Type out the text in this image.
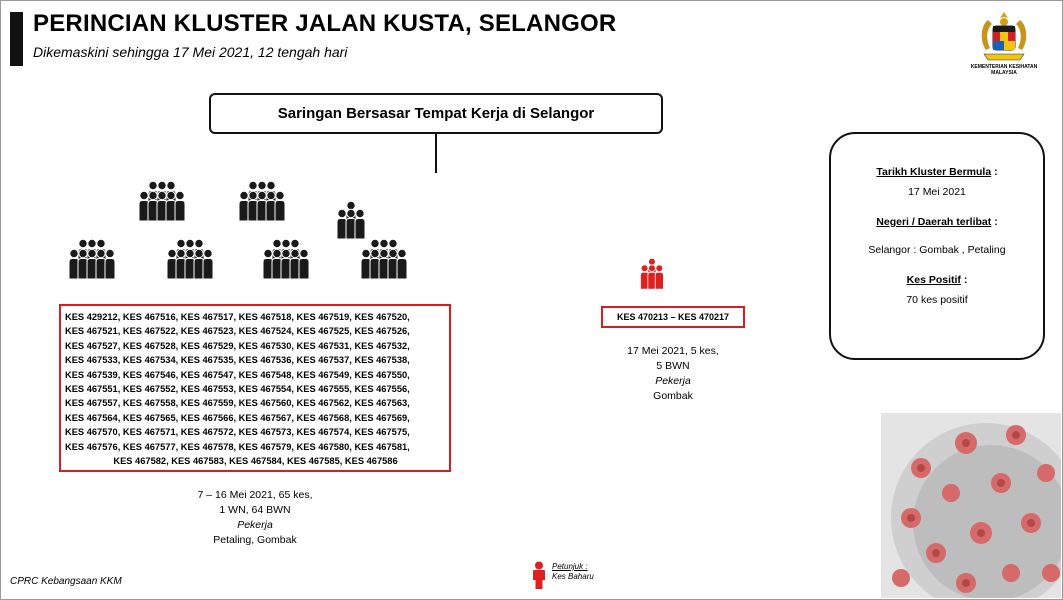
PERINCIAN KLUSTER JALAN KUSTA, SELANGOR
Dikemaskini sehingga 17 Mei 2021, 12 tengah hari
KEMENTERIAN KESIHATAN
MALAYSIA
Saringan Bersasar Tempat Kerja di Selangor
KES 429212, KES 467516, KES 467517, KES 467518, KES 467519, KES 467520,
KES 467521, KES 467522, KES 467523, KES 467524, KES 467525, KES 467526,
KES 467527, KES 467528, KES 467529, KES 467530, KES 467531, KES 467532,
KES 467533, KES 467534, KES 467535, KES 467536, KES 467537, KES 467538,
KES 467539, KES 467546, KES 467547, KES 467548, KES 467549, KES 467550,
KES 467551, KES 467552, KES 467553, KES 467554, KES 467555, KES 467556,
KES 467557, KES 467558, KES 467559, KES 467560, KES 467562, KES 467563,
KES 467564, KES 467565, KES 467566, KES 467567, KES 467568, KES 467569,
KES 467570, KES 467571, KES 467572, KES 467573, KES 467574, KES 467575,
KES 467576, KES 467577, KES 467578, KES 467579, KES 467580, KES 467581,
KES 467582, KES 467583, KES 467584, KES 467585, KES 467586
7 – 16 Mei 2021, 65 kes,
1 WN, 64 BWN
Pekerja
Petaling, Gombak
KES 470213 – KES 470217
17 Mei 2021, 5 kes,
5 BWN
Pekerja
Gombak
Tarikh Kluster Bermula :
17 Mei 2021
Negeri / Daerah terlibat :
Selangor : Gombak , Petaling
Kes Positif :
70 kes positif
Petunjuk :
Kes Baharu
CPRC Kebangsaan KKM
